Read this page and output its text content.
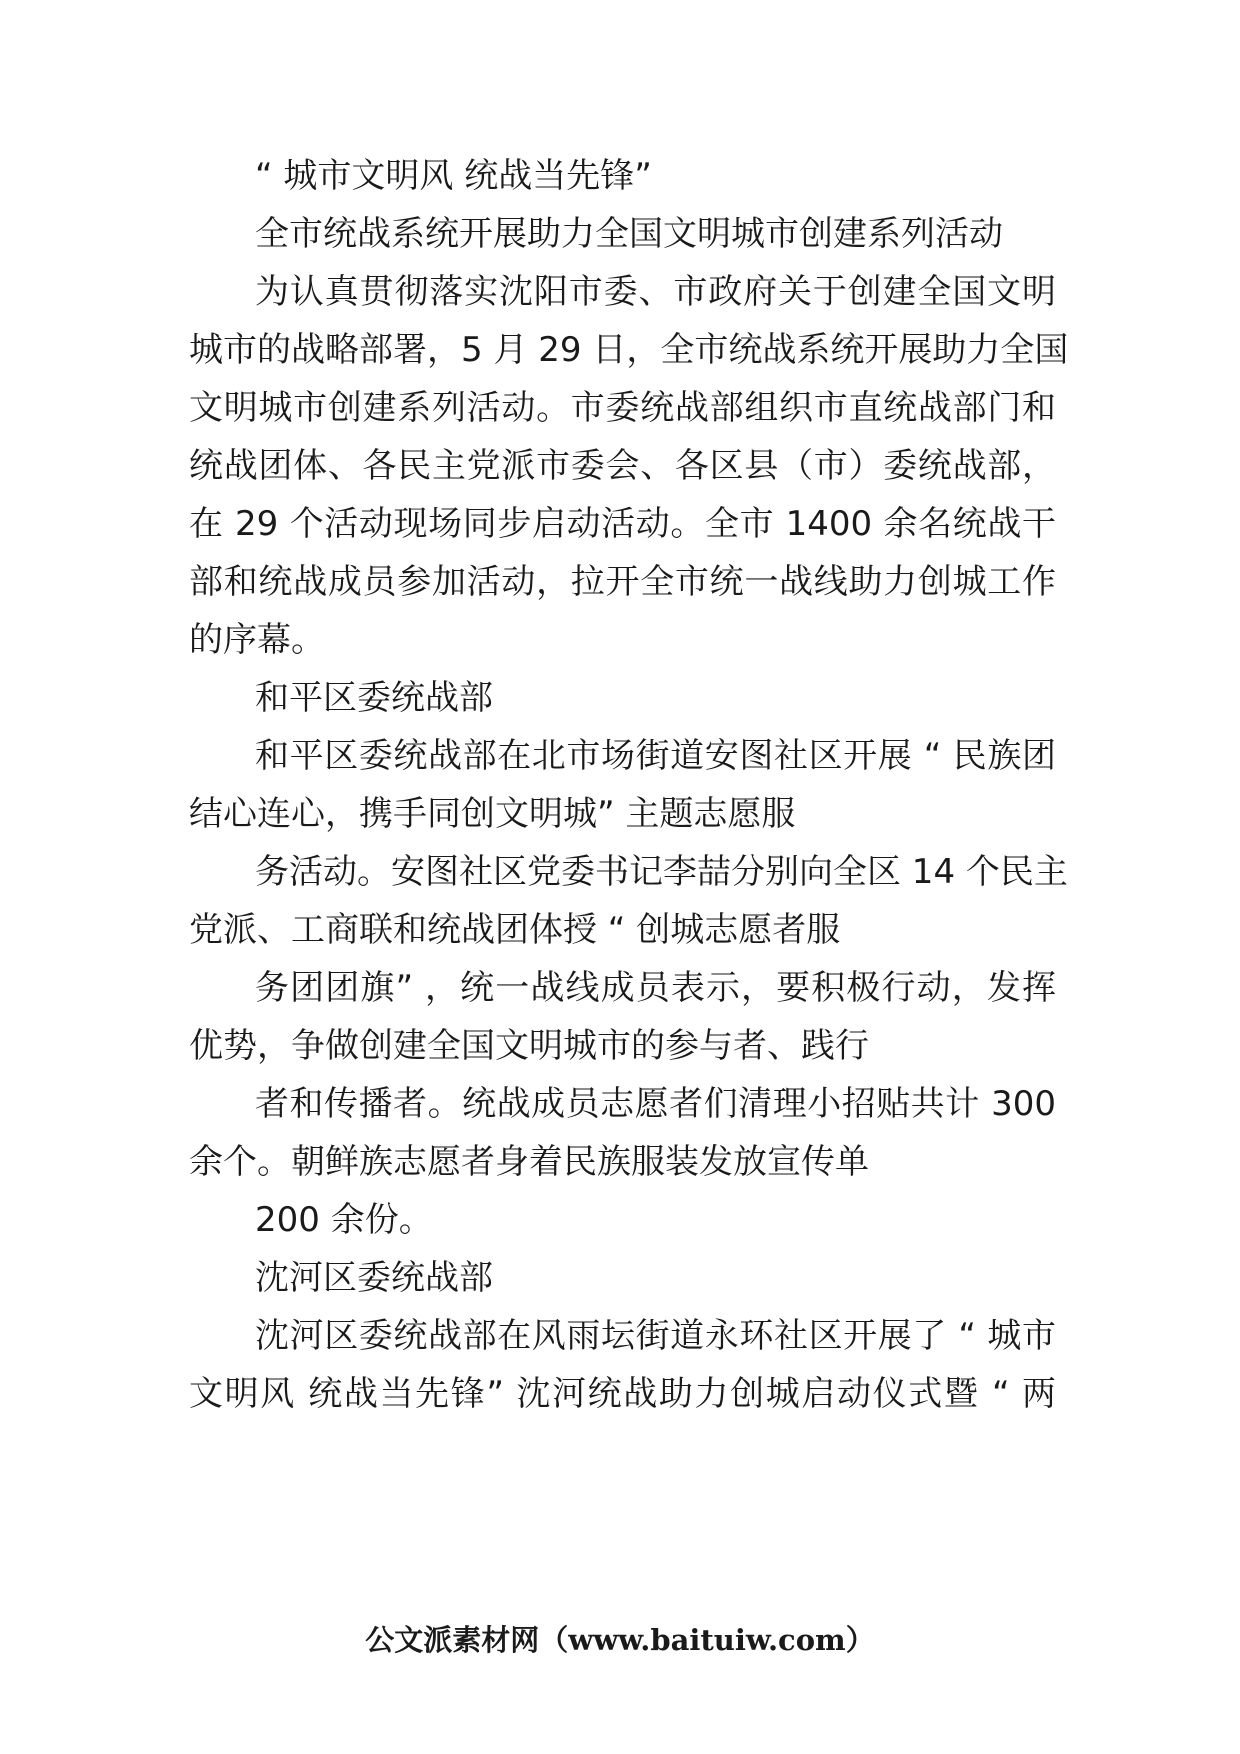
“ 城市文明风 统战当先锋”
全市统战系统开展助力全国文明城市创建系列活动
为认真贯彻落实沈阳市委、市政府关于创建全国文明
城市的战略部署，5 月 29 日，全市统战系统开展助力全国
文明城市创建系列活动。市委统战部组织市直统战部门和
统战团体、各民主党派市委会、各区县（市）委统战部，
在 29 个活动现场同步启动活动。全市 1400 余名统战干
部和统战成员参加活动，拉开全市统一战线助力创城工作
的序幕。
和平区委统战部
和平区委统战部在北市场街道安图社区开展 “ 民族团
结心连心，携手同创文明城” 主题志愿服
务活动。安图社区党委书记李喆分别向全区 14 个民主
党派、工商联和统战团体授 “ 创城志愿者服
务团团旗” ，统一战线成员表示，要积极行动，发挥
优势，争做创建全国文明城市的参与者、践行
者和传播者。统战成员志愿者们清理小招贴共计 300
余个。朝鲜族志愿者身着民族服装发放宣传单
200 余份。
沈河区委统战部
沈河区委统战部在风雨坛街道永环社区开展了 “ 城市
文明风 统战当先锋” 沈河统战助力创城启动仪式暨 “ 两
公文派素材网（www.baituiw.com）
